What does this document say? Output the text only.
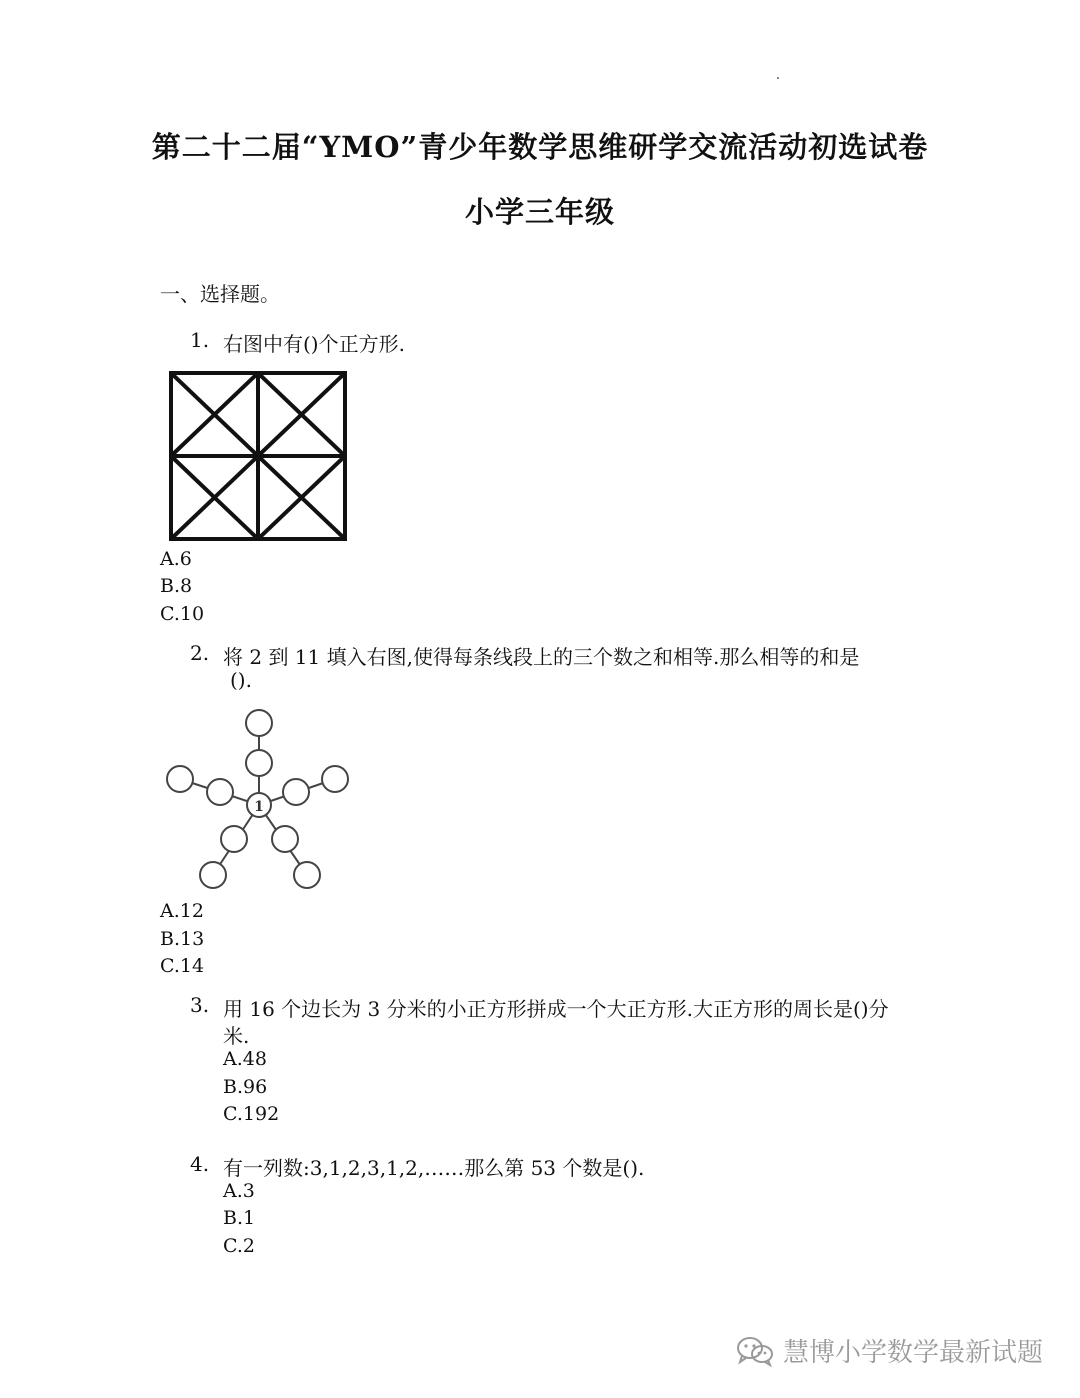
第二十二届“YMO”青少年数学思维研学交流活动初选试卷
小学三年级
一、选择题。
1. 右图中有()个正方形.
A.6
B.8
C.10
2. 将 2 到 11 填入右图,使得每条线段上的三个数之和相等.那么相等的和是
().
1
A.12
B.13
C.14
3. 用 16 个边长为 3 分米的小正方形拼成一个大正方形.大正方形的周长是()分
米.
A.48
B.96
C.192
4. 有一列数:3,1,2,3,1,2,……那么第 53 个数是().
A.3
B.1
C.2
慧博小学数学最新试题
